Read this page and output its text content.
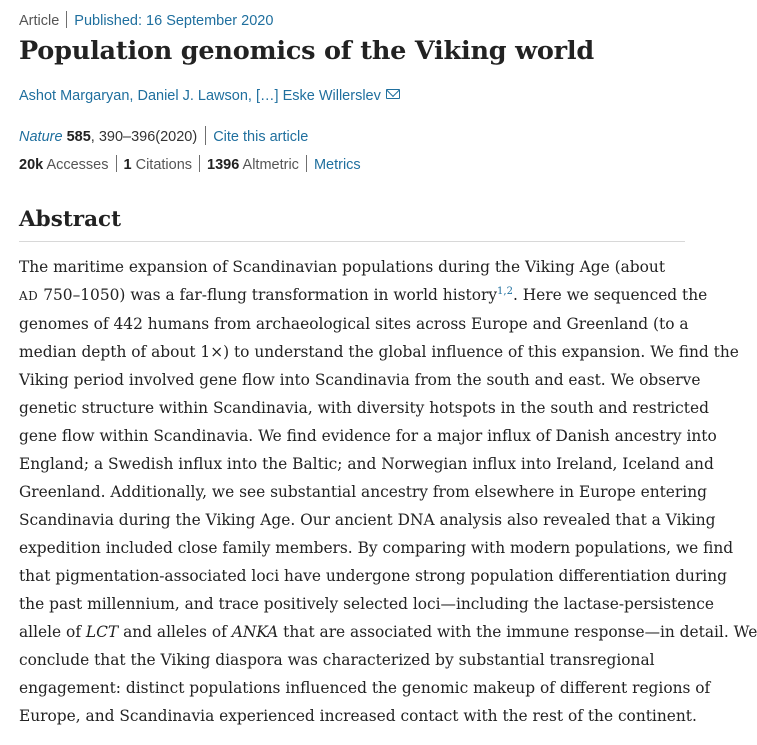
Article Published: 16 September 2020
Population genomics of the Viking world
Ashot Margaryan, Daniel J. Lawson, […] Eske Willerslev
Nature 585, 390–396(2020) Cite this article
20k Accesses 1 Citations 1396 Altmetric Metrics
Abstract

The maritime expansion of Scandinavian populations during the Viking Age (about
AD 750–1050) was a far-flung transformation in world history$^{1,2}$. Here we sequenced the
genomes of 442 humans from archaeological sites across Europe and Greenland (to a
median depth of about 1×) to understand the global influence of this expansion. We find the
Viking period involved gene flow into Scandinavia from the south and east. We observe
genetic structure within Scandinavia, with diversity hotspots in the south and restricted
gene flow within Scandinavia. We find evidence for a major influx of Danish ancestry into
England; a Swedish influx into the Baltic; and Norwegian influx into Ireland, Iceland and
Greenland. Additionally, we see substantial ancestry from elsewhere in Europe entering
Scandinavia during the Viking Age. Our ancient DNA analysis also revealed that a Viking
expedition included close family members. By comparing with modern populations, we find
that pigmentation-associated loci have undergone strong population differentiation during
the past millennium, and trace positively selected loci—including the lactase-persistence
allele of LCT and alleles of ANKA that are associated with the immune response—in detail. We
conclude that the Viking diaspora was characterized by substantial transregional
engagement: distinct populations influenced the genomic makeup of different regions of
Europe, and Scandinavia experienced increased contact with the rest of the continent.
